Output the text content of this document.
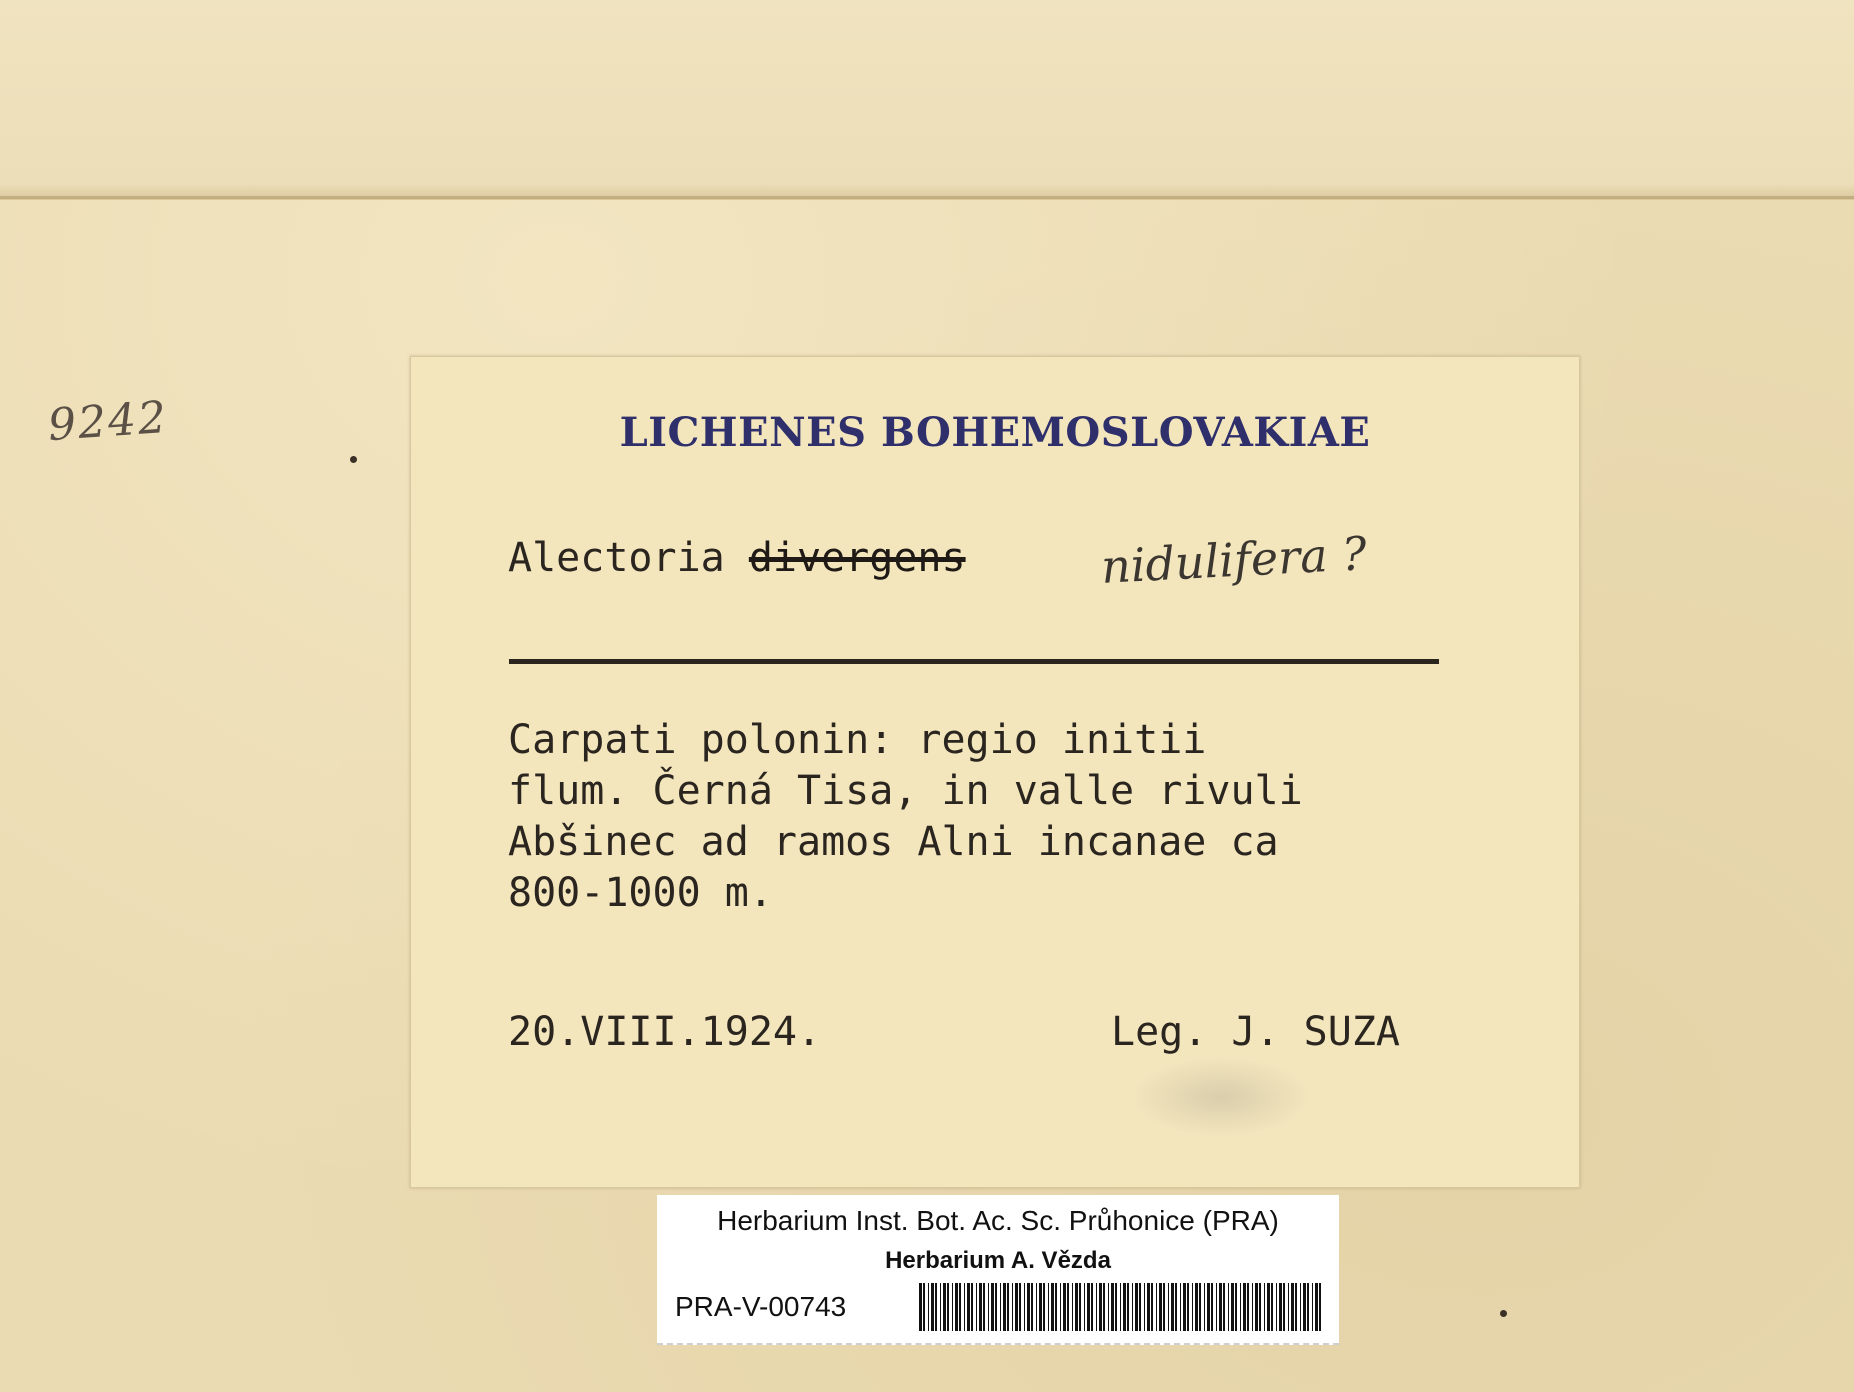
9242	LICHENES BOHEMOSLOVAKIAE
Alectoria divergens	nidulifera ?
Carpati polonin: regio initii
flum. Černá Tisa, in valle rivuli
Abšinec ad ramos Alni incanae ca
800-1000 m.
20.VIII.1924.	Leg. J. SUZA
Herbarium Inst. Bot. Ac. Sc. Průhonice (PRA)
Herbarium A. Vězda
PRA-V-00743
